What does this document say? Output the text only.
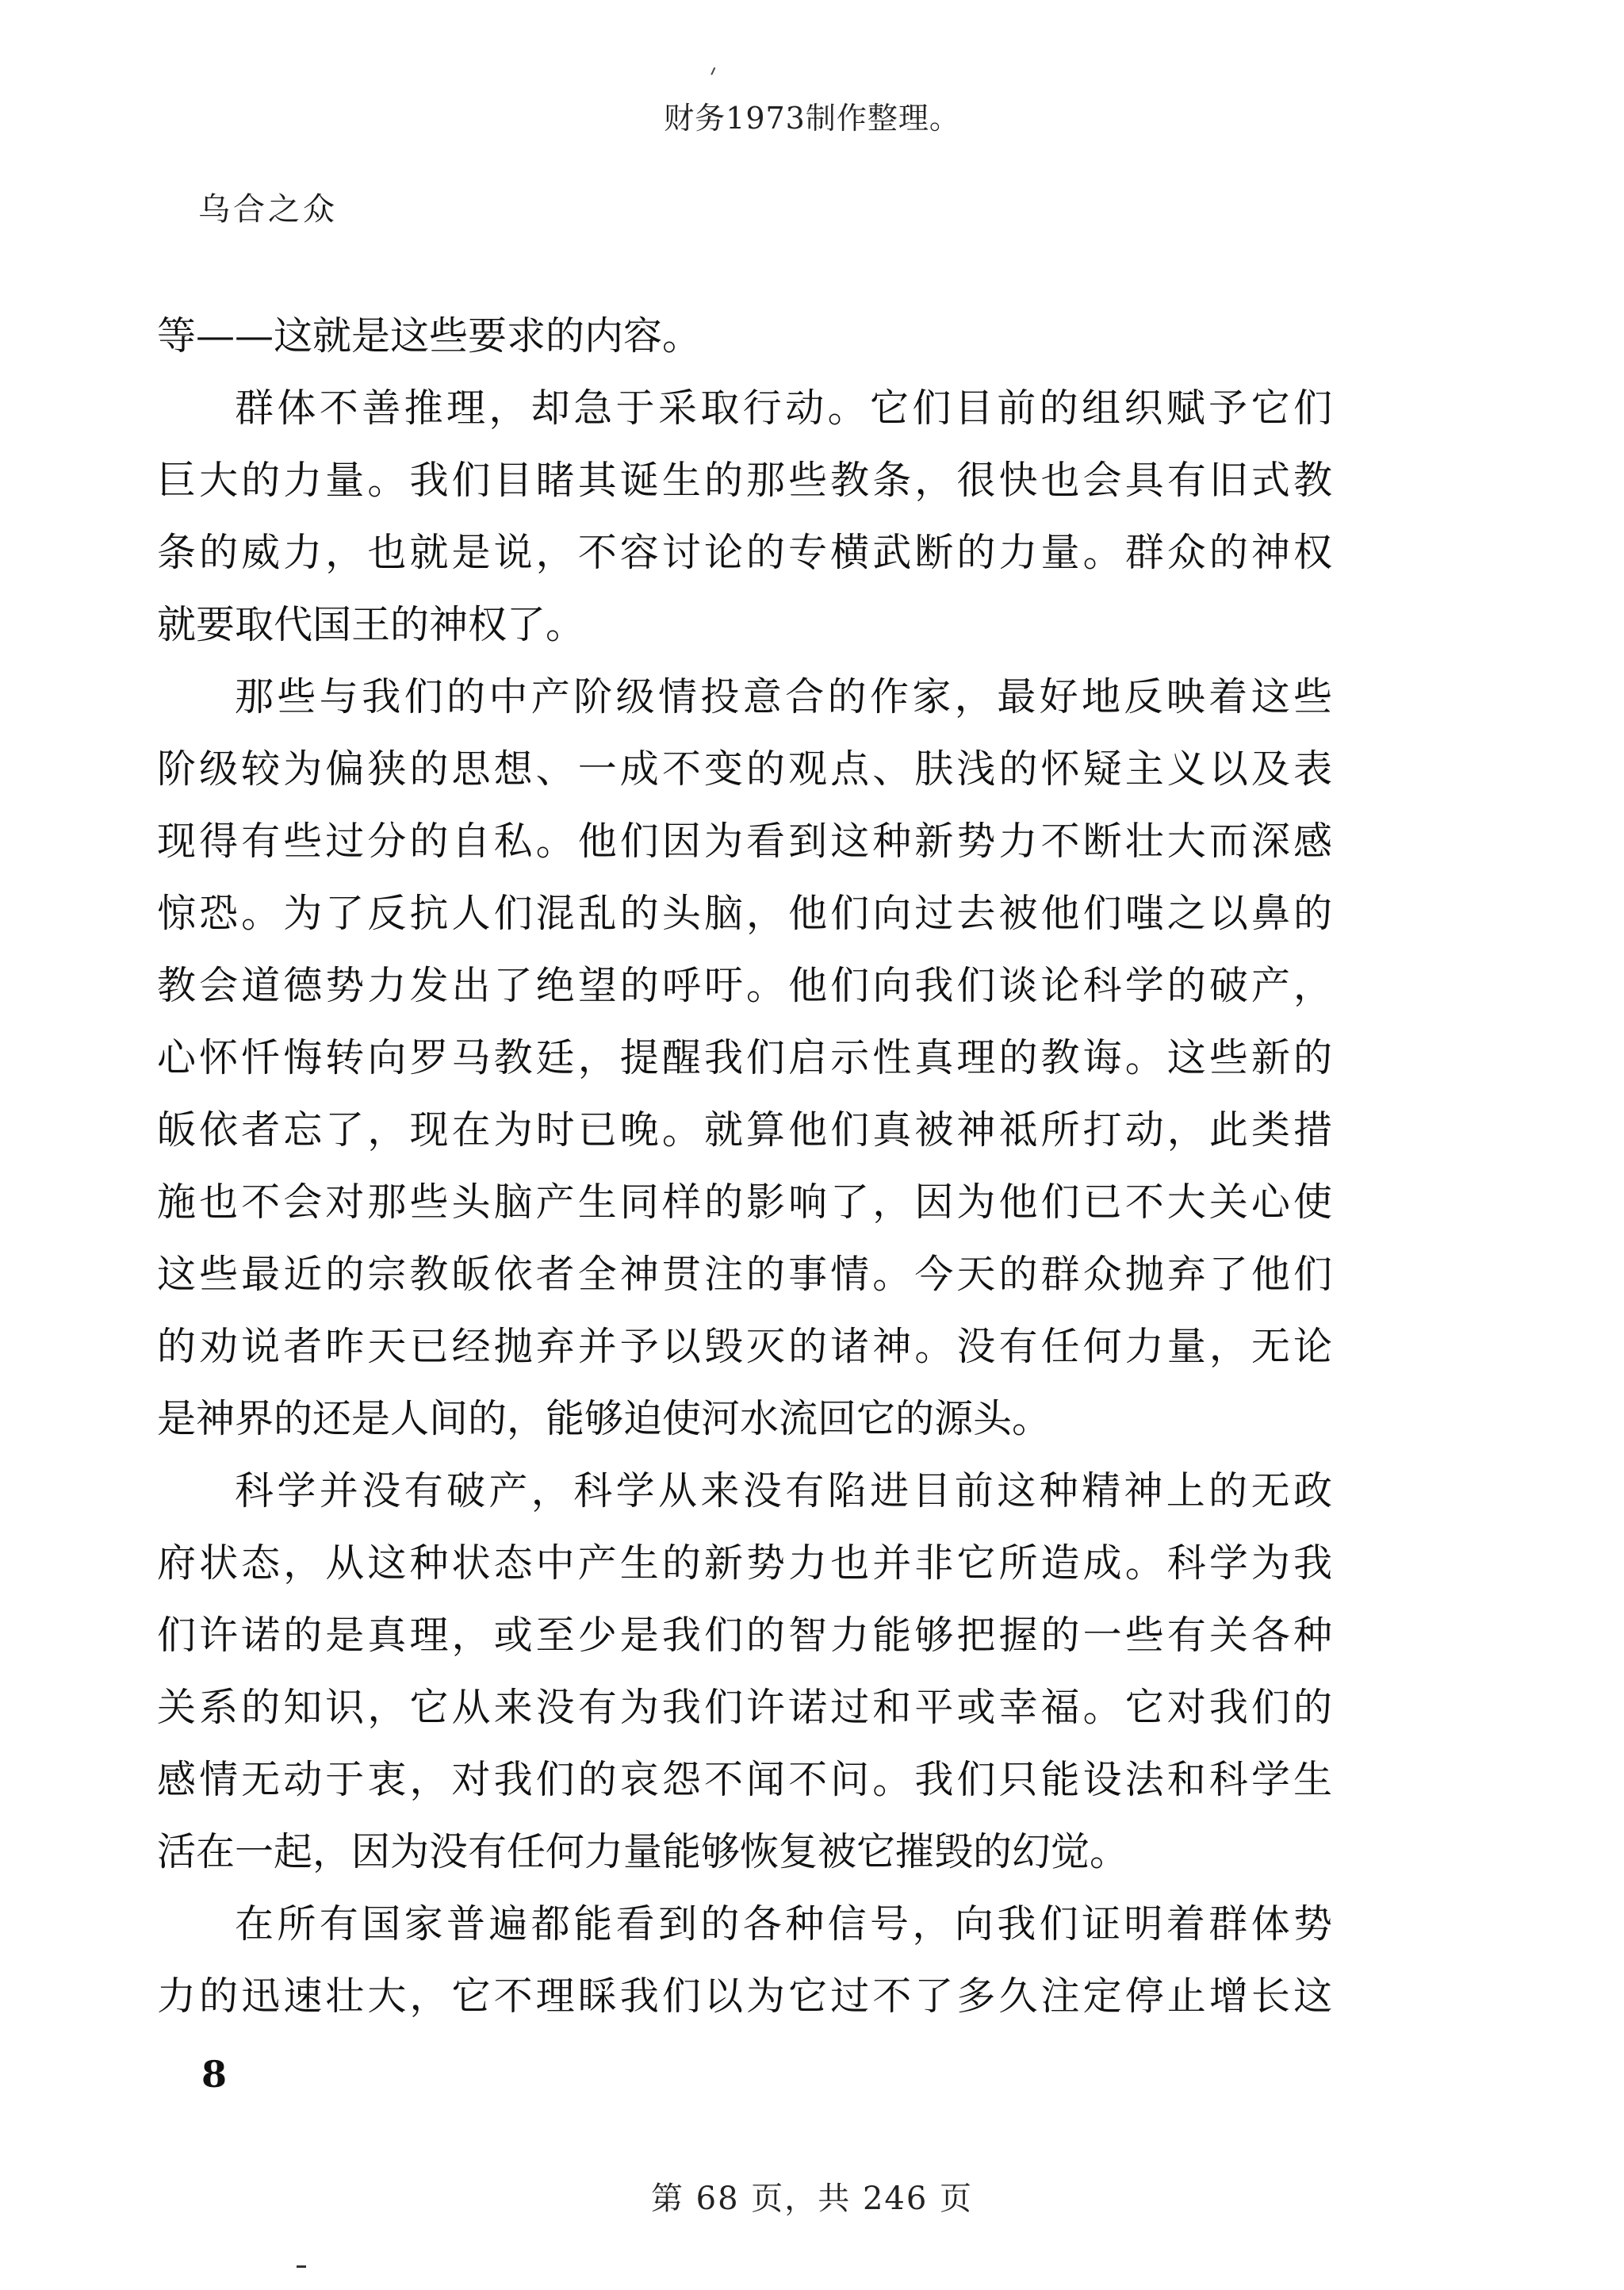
财务1973制作整理。
乌合之众
等——这就是这些要求的内容。
群体不善推理，却急于采取行动。它们目前的组织赋予它们
巨大的力量。我们目睹其诞生的那些教条，很快也会具有旧式教
条的威力，也就是说，不容讨论的专横武断的力量。群众的神权
就要取代国王的神权了。
那些与我们的中产阶级情投意合的作家，最好地反映着这些
阶级较为偏狭的思想、一成不变的观点、肤浅的怀疑主义以及表
现得有些过分的自私。他们因为看到这种新势力不断壮大而深感
惊恐。为了反抗人们混乱的头脑，他们向过去被他们嗤之以鼻的
教会道德势力发出了绝望的呼吁。他们向我们谈论科学的破产，
心怀忏悔转向罗马教廷，提醒我们启示性真理的教诲。这些新的
皈依者忘了，现在为时已晚。就算他们真被神祗所打动，此类措
施也不会对那些头脑产生同样的影响了，因为他们已不大关心使
这些最近的宗教皈依者全神贯注的事情。今天的群众抛弃了他们
的劝说者昨天已经抛弃并予以毁灭的诸神。没有任何力量，无论
是神界的还是人间的，能够迫使河水流回它的源头。
科学并没有破产，科学从来没有陷进目前这种精神上的无政
府状态，从这种状态中产生的新势力也并非它所造成。科学为我
们许诺的是真理，或至少是我们的智力能够把握的一些有关各种
关系的知识，它从来没有为我们许诺过和平或幸福。它对我们的
感情无动于衷，对我们的哀怨不闻不问。我们只能设法和科学生
活在一起，因为没有任何力量能够恢复被它摧毁的幻觉。
在所有国家普遍都能看到的各种信号，向我们证明着群体势
力的迅速壮大，它不理睬我们以为它过不了多久注定停止增长这
8
第 68 页，共 246 页
